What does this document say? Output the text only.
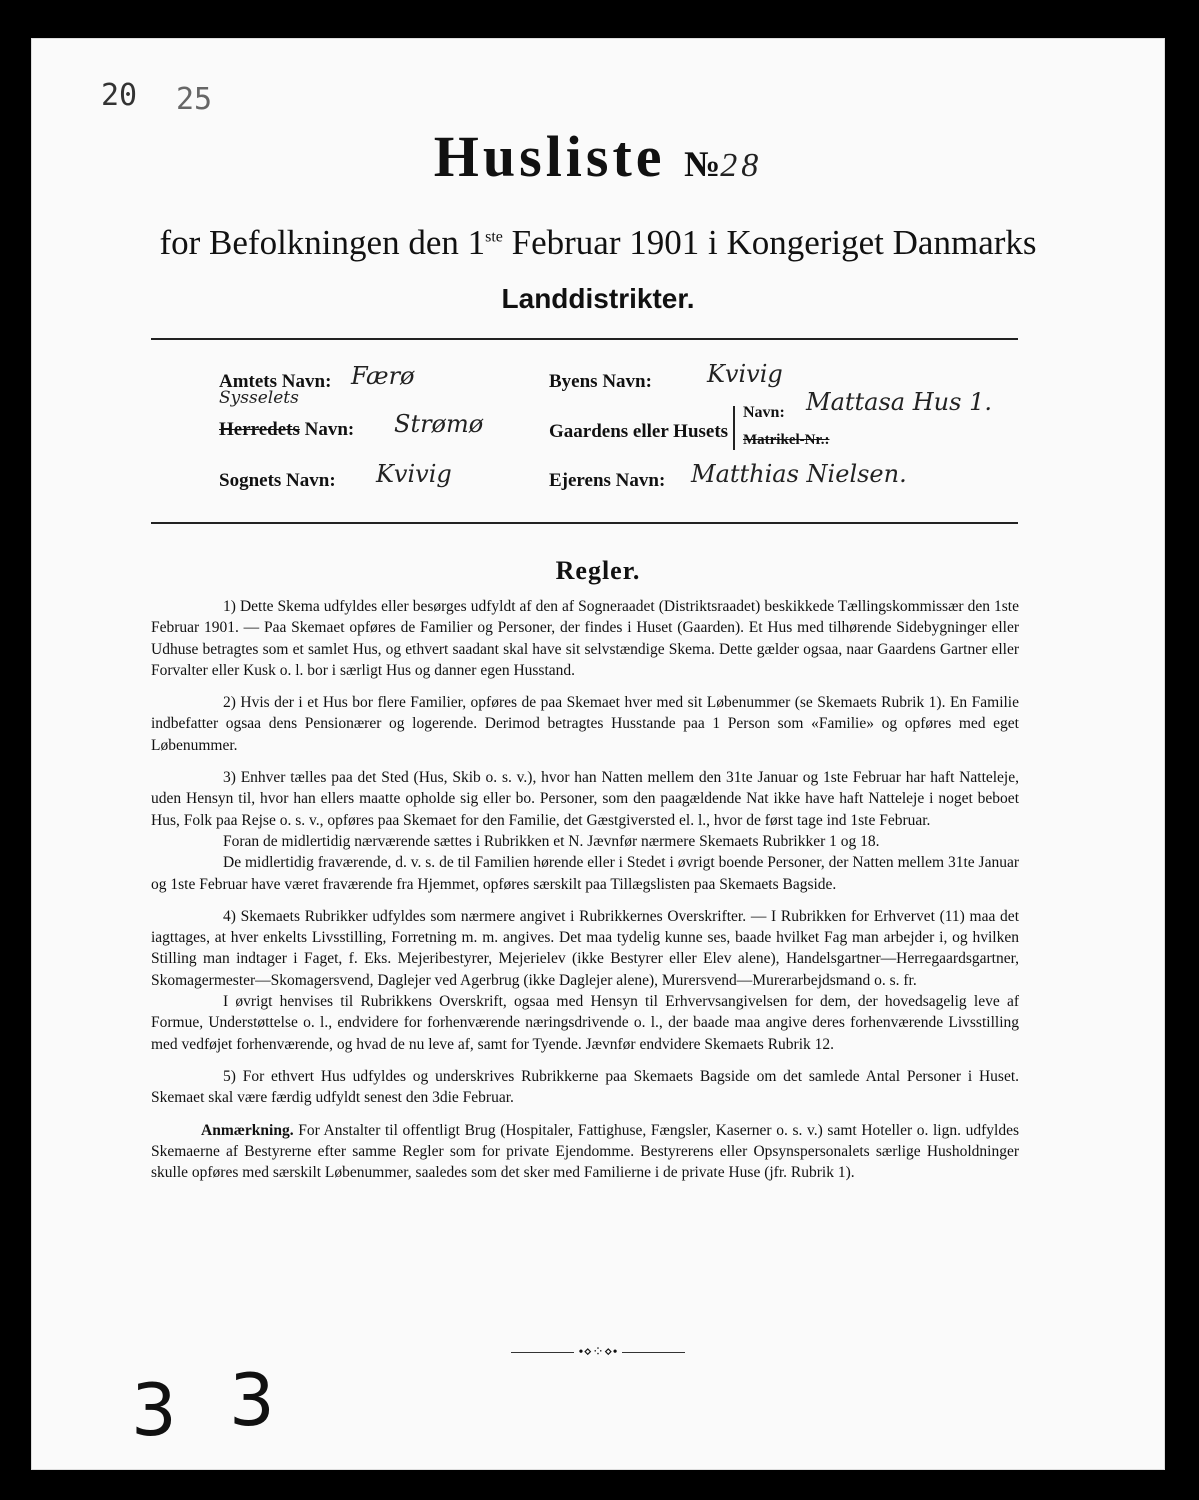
20 25
Husliste №28
for Befolkningen den 1ste Februar 1901 i Kongeriget Danmarks
Landdistrikter.
Amtets Navn: Færø
Sysselets
Herredets Navn: Strømø
Sognets Navn: Kvivig
Byens Navn: Kvivig
Gaardens eller Husets
Navn: Mattasa Hus 1.
Matrikel-Nr.:
Ejerens Navn: Matthias Nielsen.
Regler.

1) Dette Skema udfyldes eller besørges udfyldt af den af Sogneraadet (Distriktsraadet) beskikkede Tællingskommissær den 1ste Februar 1901. — Paa Skemaet opføres de Familier og Personer, der findes i Huset (Gaarden). Et Hus med tilhørende Sidebygninger eller Udhuse betragtes som et samlet Hus, og ethvert saadant skal have sit selvstændige Skema. Dette gælder ogsaa, naar Gaardens Gartner eller Forvalter eller Kusk o. l. bor i særligt Hus og danner egen Husstand.

2) Hvis der i et Hus bor flere Familier, opføres de paa Skemaet hver med sit Løbenummer (se Skemaets Rubrik 1). En Familie indbefatter ogsaa dens Pensionærer og logerende. Derimod betragtes Husstande paa 1 Person som «Familie» og opføres med eget Løbenummer.

3) Enhver tælles paa det Sted (Hus, Skib o. s. v.), hvor han Natten mellem den 31te Januar og 1ste Februar har haft Natteleje, uden Hensyn til, hvor han ellers maatte opholde sig eller bo. Personer, som den paagældende Nat ikke have haft Natteleje i noget beboet Hus, Folk paa Rejse o. s. v., opføres paa Skemaet for den Familie, det Gæstgiversted el. l., hvor de først tage ind 1ste Februar.

Foran de midlertidig nærværende sættes i Rubrikken et N. Jævnfør nærmere Skemaets Rubrikker 1 og 18.

De midlertidig fraværende, d. v. s. de til Familien hørende eller i Stedet i øvrigt boende Personer, der Natten mellem 31te Januar og 1ste Februar have været fraværende fra Hjemmet, opføres særskilt paa Tillægslisten paa Skemaets Bagside.

4) Skemaets Rubrikker udfyldes som nærmere angivet i Rubrikkernes Overskrifter. — I Rubrikken for Erhvervet (11) maa det iagttages, at hver enkelts Livsstilling, Forretning m. m. angives. Det maa tydelig kunne ses, baade hvilket Fag man arbejder i, og hvilken Stilling man indtager i Faget, f. Eks. Mejeribestyrer, Mejerielev (ikke Bestyrer eller Elev alene), Handelsgartner—Herregaardsgartner, Skomagermester—Skomagersvend, Daglejer ved Agerbrug (ikke Daglejer alene), Murersvend—Murerarbejdsmand o. s. fr.

I øvrigt henvises til Rubrikkens Overskrift, ogsaa med Hensyn til Erhvervsangivelsen for dem, der hovedsagelig leve af Formue, Understøttelse o. l., endvidere for forhenværende næringsdrivende o. l., der baade maa angive deres forhenværende Livsstilling med vedføjet forhenværende, og hvad de nu leve af, samt for Tyende. Jævnfør endvidere Skemaets Rubrik 12.

5) For ethvert Hus udfyldes og underskrives Rubrikkerne paa Skemaets Bagside om det samlede Antal Personer i Huset. Skemaet skal være færdig udfyldt senest den 3die Februar.

Anmærkning. For Anstalter til offentligt Brug (Hospitaler, Fattighuse, Fængsler, Kaserner o. s. v.) samt Hoteller o. lign. udfyldes Skemaerne af Bestyrerne efter samme Regler som for private Ejendomme. Bestyrerens eller Opsynspersonalets særlige Husholdninger skulle opføres med særskilt Løbenummer, saaledes som det sker med Familierne i de private Huse (jfr. Rubrik 1).

•⋄⁘⋄•
3 3
